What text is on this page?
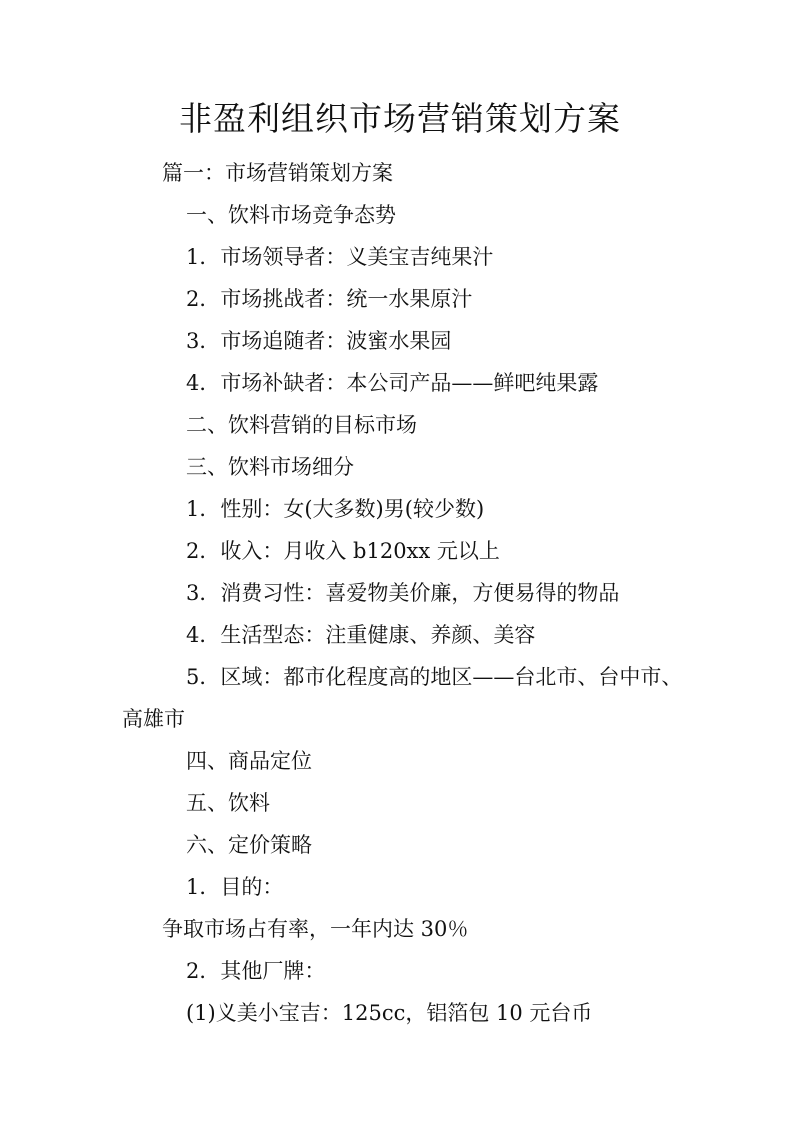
非盈利组织市场营销策划方案

篇一：市场营销策划方案

一、饮料市场竞争态势

1．市场领导者：义美宝吉纯果汁

2．市场挑战者：统一水果原汁

3．市场追随者：波蜜水果园

4．市场补缺者：本公司产品——鲜吧纯果露

二、饮料营销的目标市场

三、饮料市场细分

1．性别：女(大多数)男(较少数)

2．收入：月收入 b120xx 元以上

3．消费习性：喜爱物美价廉，方便易得的物品

4．生活型态：注重健康、养颜、美容

5．区域：都市化程度高的地区——台北市、台中市、

高雄市

四、商品定位

五、饮料

六、定价策略

1．目的：

争取市场占有率，一年内达 30％

2．其他厂牌：

(1)义美小宝吉：125cc，铝箔包 10 元台币
